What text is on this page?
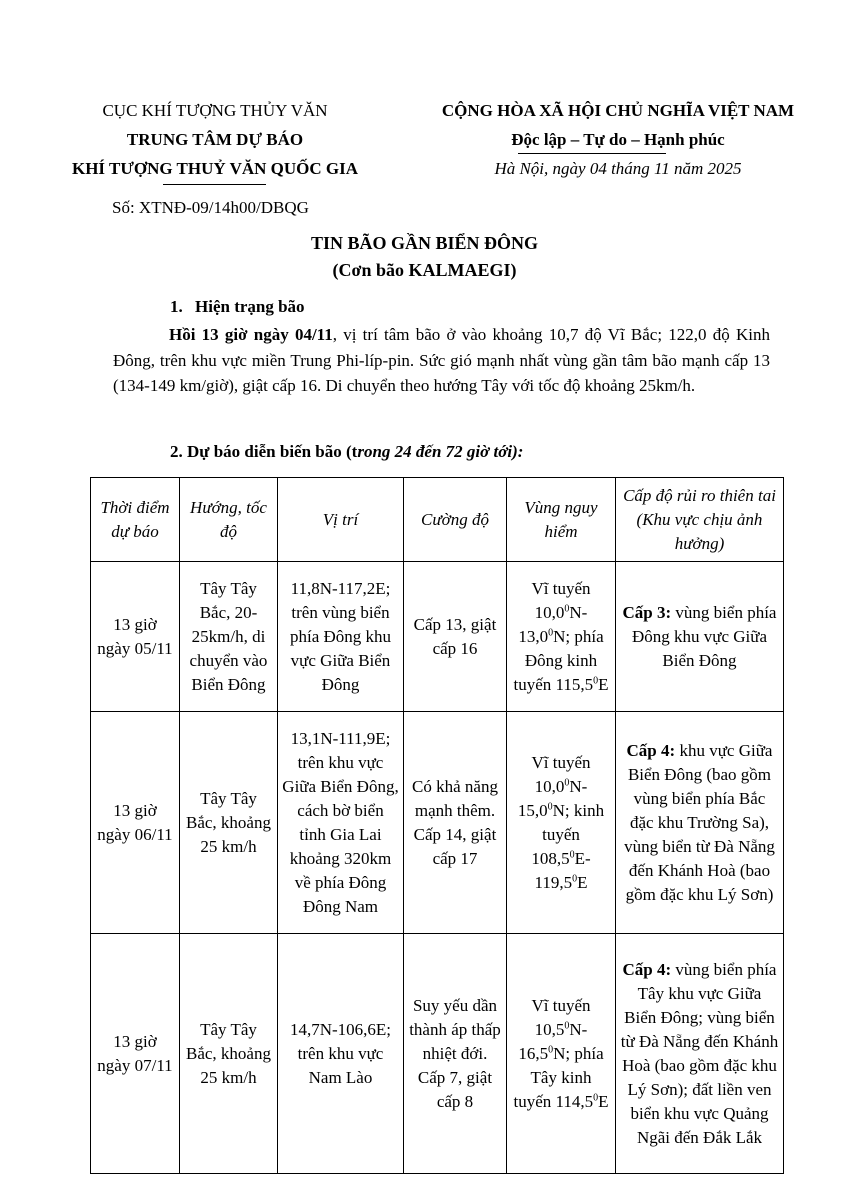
CỤC KHÍ TƯỢNG THỦY VĂN
TRUNG TÂM DỰ BÁO
KHÍ TƯỢNG THUỶ VĂN QUỐC GIA
CỘNG HÒA XÃ HỘI CHỦ NGHĨA VIỆT NAM
Độc lập – Tự do – Hạnh phúc
Hà Nội, ngày 04 tháng 11 năm 2025
Số: XTNĐ-09/14h00/DBQG
TIN BÃO GẦN BIỂN ĐÔNG
(Cơn bão KALMAEGI)
1. Hiện trạng bão
Hồi 13 giờ ngày 04/11, vị trí tâm bão ở vào khoảng 10,7 độ Vĩ Bắc; 122,0 độ Kinh Đông, trên khu vực miền Trung Phi-líp-pin. Sức gió mạnh nhất vùng gần tâm bão mạnh cấp 13 (134-149 km/giờ), giật cấp 16. Di chuyển theo hướng Tây với tốc độ khoảng 25km/h.
2. Dự báo diễn biến bão (trong 24 đến 72 giờ tới):
Thời điểm dự báo	Hướng, tốc độ	Vị trí	Cường độ	Vùng nguy hiểm	Cấp độ rủi ro thiên tai (Khu vực chịu ảnh hưởng)
13 giờ ngày 05/11	Tây Tây Bắc, 20-25km/h, di chuyển vào Biển Đông	11,8N-117,2E; trên vùng biển phía Đông khu vực Giữa Biển Đông	Cấp 13, giật cấp 16	Vĩ tuyến 10,0$^0$N-13,0$^0$N; phía Đông kinh tuyến 115,5$^0$E	Cấp 3: vùng biển phía Đông khu vực Giữa Biển Đông
13 giờ ngày 06/11	Tây Tây Bắc, khoảng 25 km/h	13,1N-111,9E; trên khu vực Giữa Biển Đông, cách bờ biển tỉnh Gia Lai khoảng 320km về phía Đông Đông Nam	Có khả năng mạnh thêm. Cấp 14, giật cấp 17	Vĩ tuyến 10,0$^0$N-15,0$^0$N; kinh tuyến 108,5$^0$E-119,5$^0$E	Cấp 4: khu vực Giữa Biển Đông (bao gồm vùng biển phía Bắc đặc khu Trường Sa), vùng biển từ Đà Nẵng đến Khánh Hoà (bao gồm đặc khu Lý Sơn)
13 giờ ngày 07/11	Tây Tây Bắc, khoảng 25 km/h	14,7N-106,6E; trên khu vực Nam Lào	Suy yếu dần thành áp thấp nhiệt đới. Cấp 7, giật cấp 8	Vĩ tuyến 10,5$^0$N-16,5$^0$N; phía Tây kinh tuyến 114,5$^0$E	Cấp 4: vùng biển phía Tây khu vực Giữa Biển Đông; vùng biển từ Đà Nẵng đến Khánh Hoà (bao gồm đặc khu Lý Sơn); đất liền ven biển khu vực Quảng Ngãi đến Đắk Lắk
